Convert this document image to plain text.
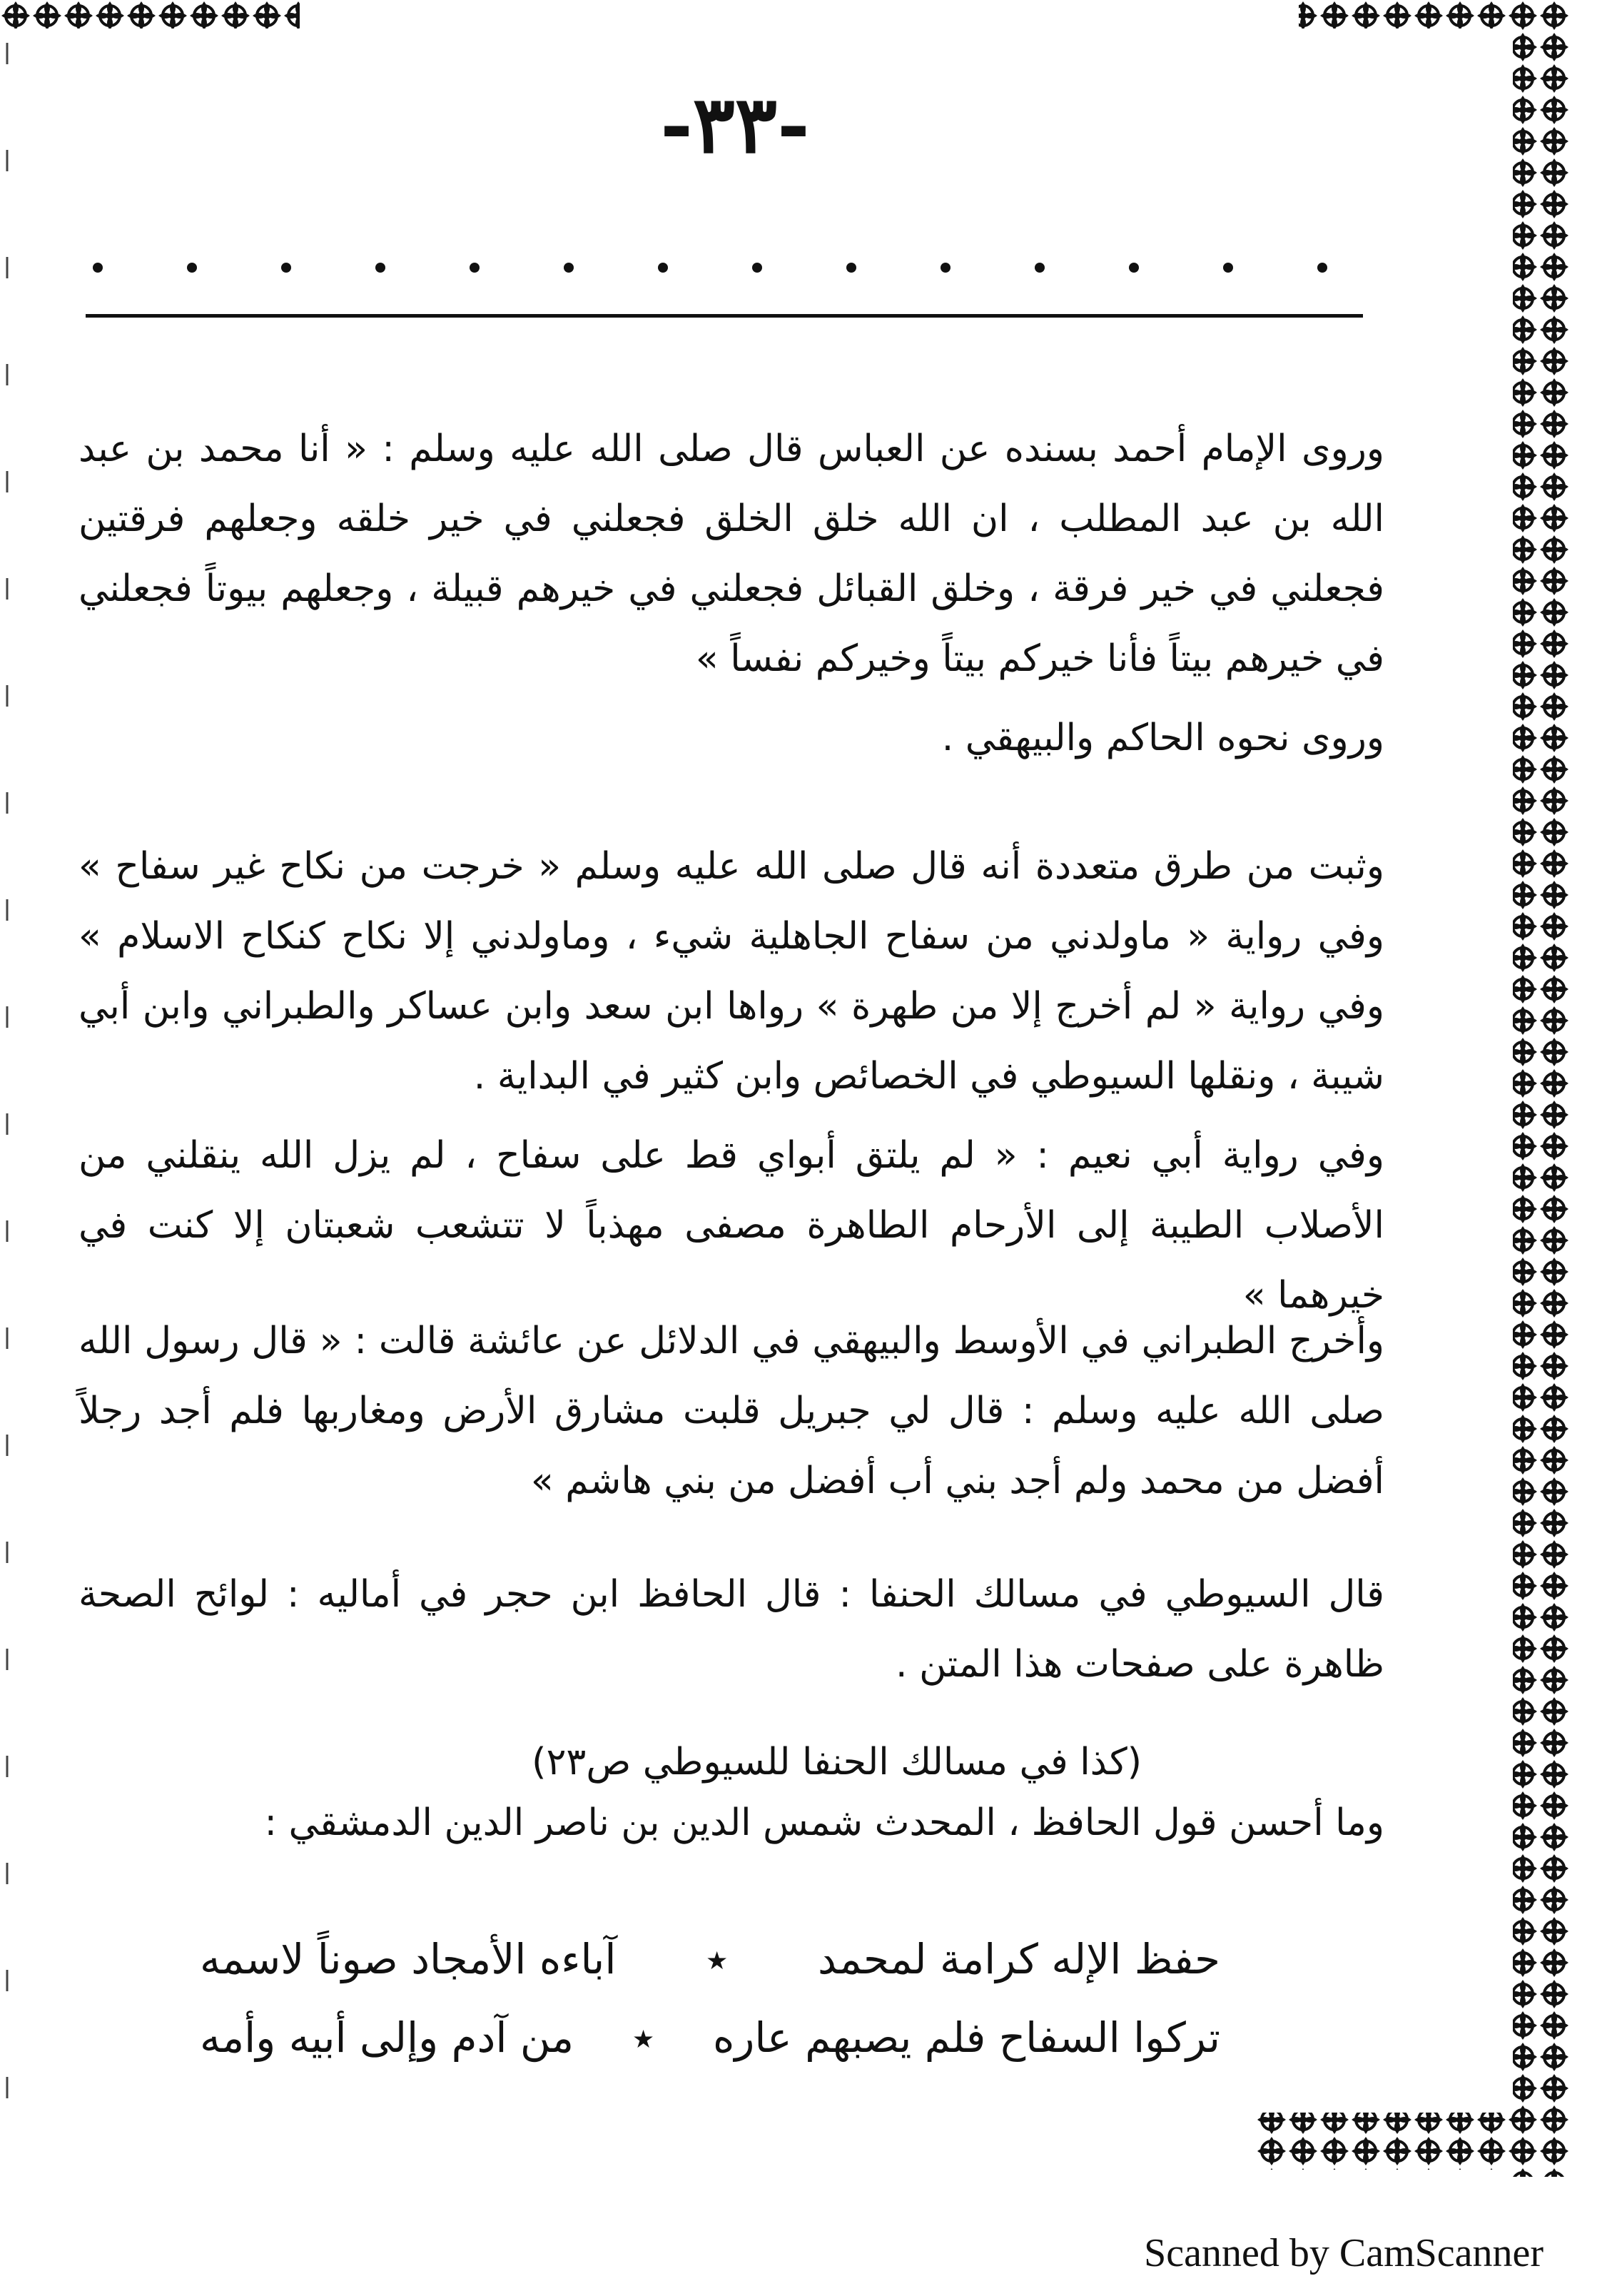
-٣٣-
وروى الإمام أحمد بسنده عن العباس قال صلى الله عليه وسلم : « أنا محمد بن عبد الله بن عبد المطلب ، ان الله خلق الخلق فجعلني في خير خلقه وجعلهم فرقتين فجعلني في خير فرقة ، وخلق القبائل فجعلني في خيرهم قبيلة ، وجعلهم بيوتاً فجعلني في خيرهم بيتاً فأنا خيركم بيتاً وخيركم نفساً »
وروى نحوه الحاكم والبيهقي .
وثبت من طرق متعددة أنه قال صلى الله عليه وسلم « خرجت من نكاح غير سفاح » وفي رواية « ماولدني من سفاح الجاهلية شيء ، وماولدني إلا نكاح كنكاح الاسلام » وفي رواية « لم أخرج إلا من طهرة » رواها ابن سعد وابن عساكر والطبراني وابن أبي شيبة ، ونقلها السيوطي في الخصائص وابن كثير في البداية .
وفي رواية أبي نعيم : « لم يلتق أبواي قط على سفاح ، لم يزل الله ينقلني من الأصلاب الطيبة إلى الأرحام الطاهرة مصفى مهذباً لا تتشعب شعبتان إلا كنت في خيرهما »
وأخرج الطبراني في الأوسط والبيهقي في الدلائل عن عائشة قالت : « قال رسول الله صلى الله عليه وسلم : قال لي جبريل قلبت مشارق الأرض ومغاربها فلم أجد رجلاً أفضل من محمد ولم أجد بني أب أفضل من بني هاشم »
قال السيوطي في مسالك الحنفا : قال الحافظ ابن حجر في أماليه : لوائح الصحة ظاهرة على صفحات هذا المتن .
(كذا في مسالك الحنفا للسيوطي ص٢٣)
وما أحسن قول الحافظ ، المحدث شمس الدين بن ناصر الدين الدمشقي :
حفظ الإله كرامة لمحمد
٭
آباءه الأمجاد صوناً لاسمه
تركوا السفاح فلم يصبهم عاره
٭
من آدم وإلى أبيه وأمه
Scanned by CamScanner
